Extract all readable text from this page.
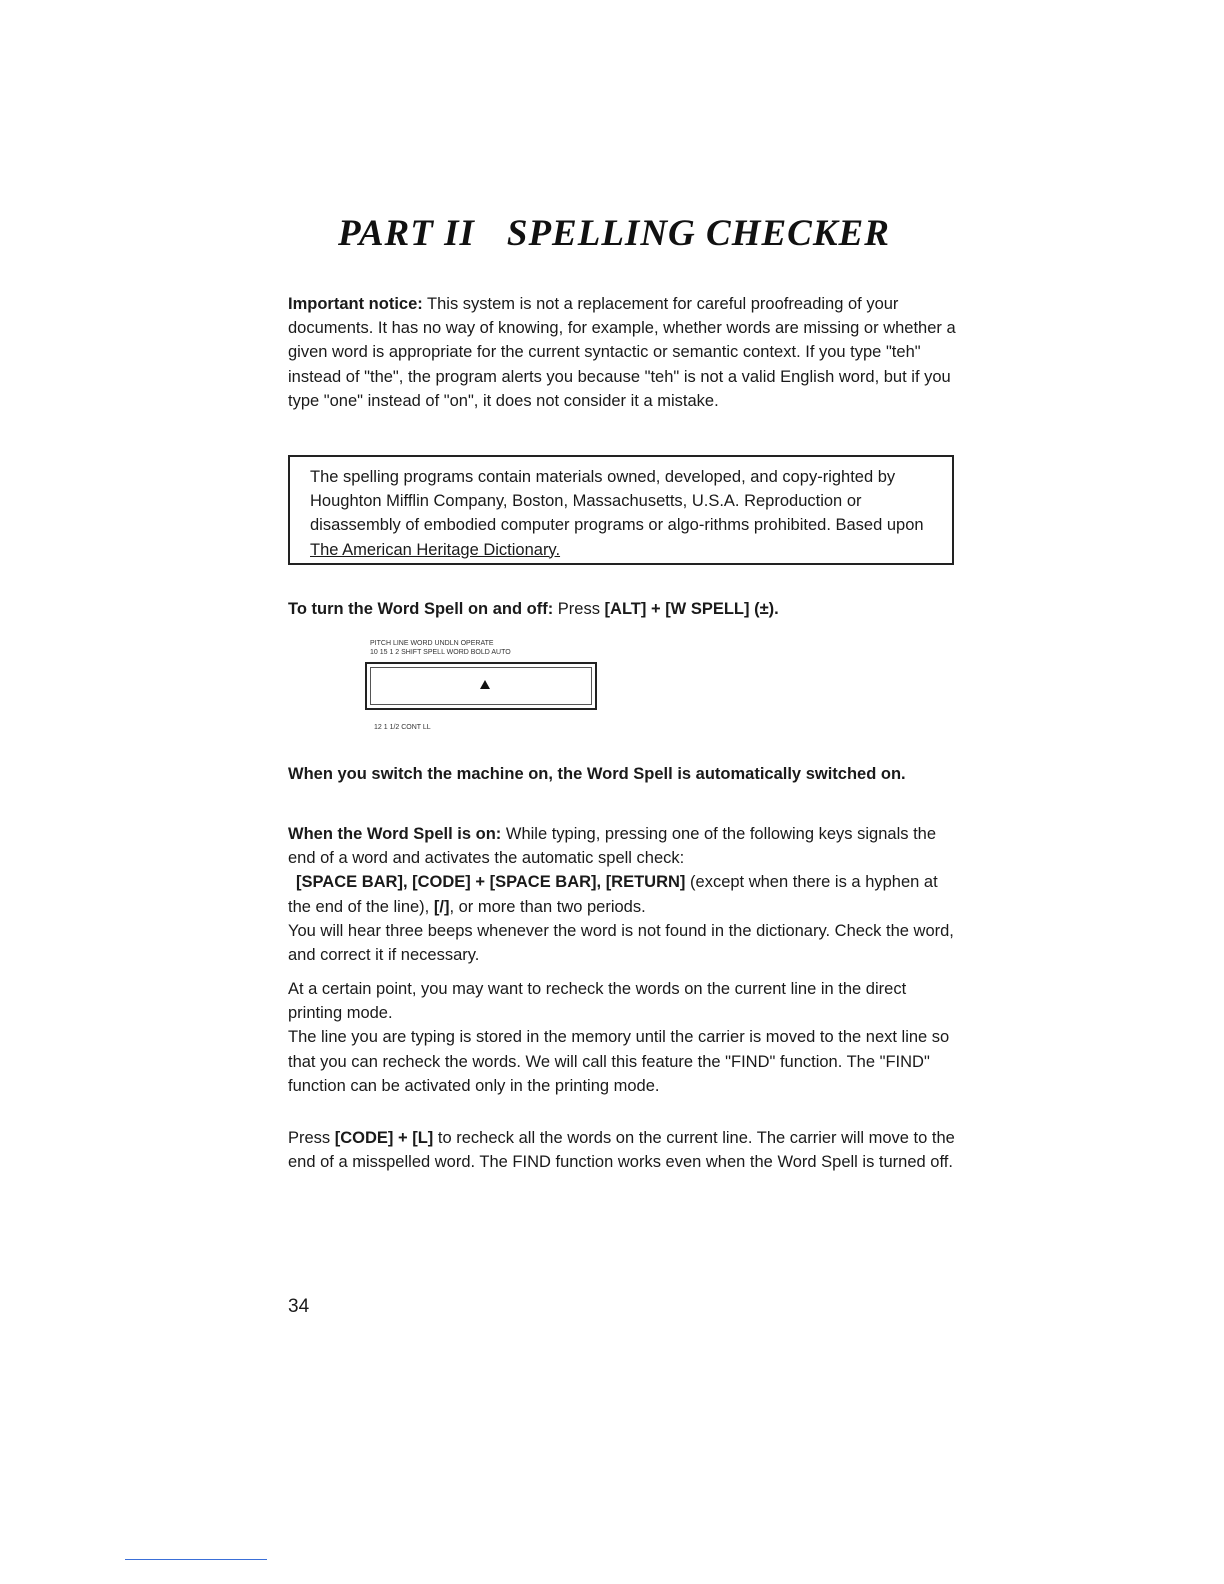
PART II SPELLING CHECKER

Important notice: This system is not a replacement for careful proofreading of your documents. It has no way of knowing, for example, whether words are missing or whether a given word is appropriate for the current syntactic or semantic context. If you type "teh" instead of "the", the program alerts you because "teh" is not a valid English word, but if you type "one" instead of "on", it does not consider it a mistake.

The spelling programs contain materials owned, developed, and copy-righted by Houghton Mifflin Company, Boston, Massachusetts, U.S.A. Reproduction or disassembly of embodied computer programs or algo-rithms prohibited. Based upon The American Heritage Dictionary.

To turn the Word Spell on and off: Press [ALT] + [W SPELL] (±).

PITCH LINE WORD UNDLN OPERATE
10 15 1 2 SHIFT SPELL WORD BOLD AUTO
12 1 1/2 CONT LL

When you switch the machine on, the Word Spell is automatically switched on.

When the Word Spell is on: While typing, pressing one of the following keys signals the end of a word and activates the automatic spell check:
[SPACE BAR], [CODE] + [SPACE BAR], [RETURN] (except when there is a hyphen at the end of the line), [/], or more than two periods.
You will hear three beeps whenever the word is not found in the dictionary. Check the word, and correct it if necessary.

At a certain point, you may want to recheck the words on the current line in the direct printing mode.
The line you are typing is stored in the memory until the carrier is moved to the next line so that you can recheck the words. We will call this feature the "FIND" function. The "FIND" function can be activated only in the printing mode.

Press [CODE] + [L] to recheck all the words on the current line. The carrier will move to the end of a misspelled word. The FIND function works even when the Word Spell is turned off.

34
